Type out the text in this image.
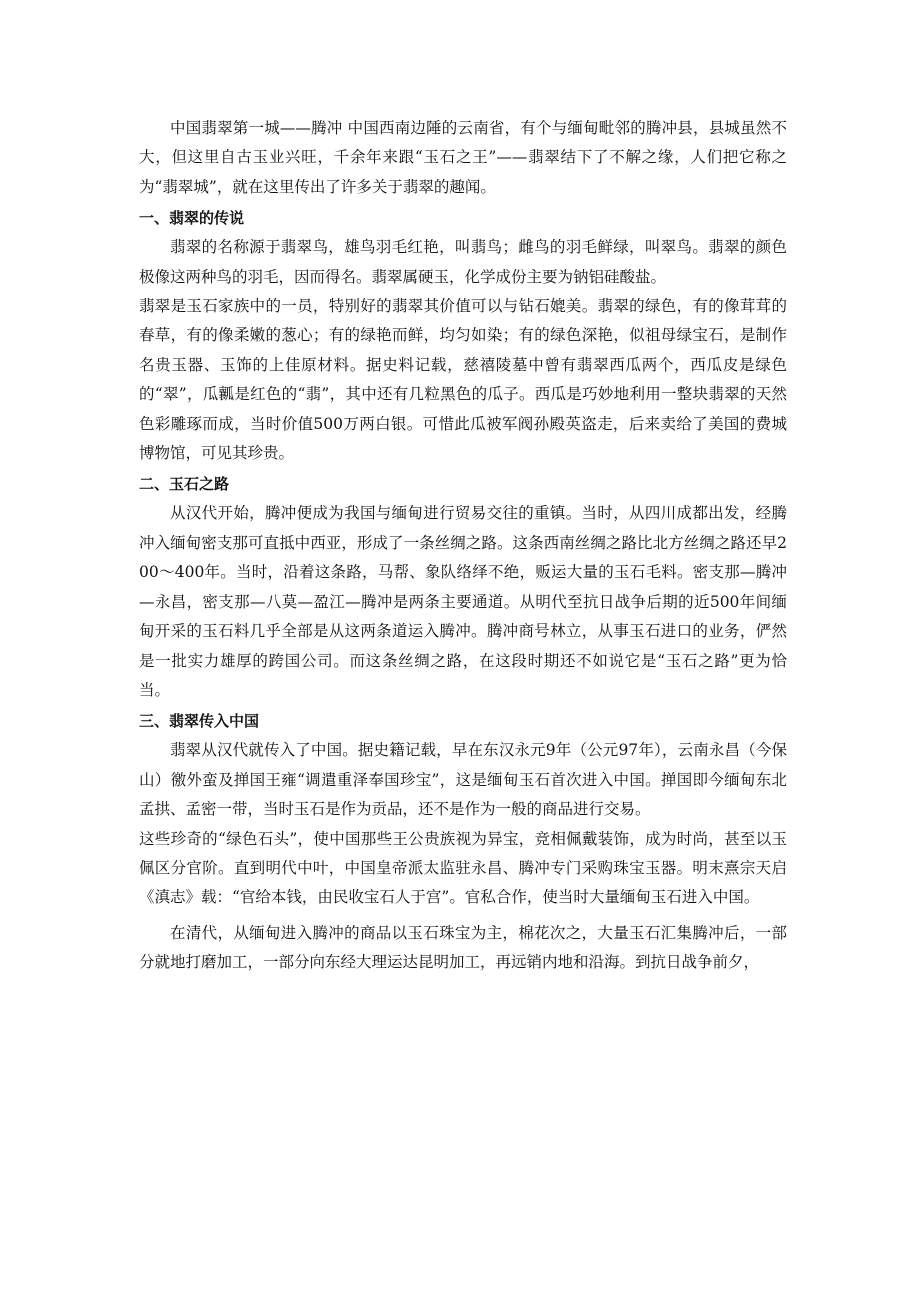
中国翡翠第一城——腾冲 中国西南边陲的云南省，有个与缅甸毗邻的腾冲县，县城虽然不大，但这里自古玉业兴旺，千余年来跟“玉石之王”——翡翠结下了不解之缘，人们把它称之为“翡翠城”，就在这里传出了许多关于翡翠的趣闻。

一、翡翠的传说

翡翠的名称源于翡翠鸟，雄鸟羽毛红艳，叫翡鸟；雌鸟的羽毛鲜绿，叫翠鸟。翡翠的颜色极像这两种鸟的羽毛，因而得名。翡翠属硬玉，化学成份主要为钠铝硅酸盐。

翡翠是玉石家族中的一员，特别好的翡翠其价值可以与钻石媲美。翡翠的绿色，有的像茸茸的春草，有的像柔嫩的葱心；有的绿艳而鲜，均匀如染；有的绿色深艳，似祖母绿宝石，是制作名贵玉器、玉饰的上佳原材料。据史料记载，慈禧陵墓中曾有翡翠西瓜两个，西瓜皮是绿色的“翠”，瓜瓤是红色的“翡”，其中还有几粒黑色的瓜子。西瓜是巧妙地利用一整块翡翠的天然色彩雕琢而成，当时价值500万两白银。可惜此瓜被军阀孙殿英盗走，后来卖给了美国的费城博物馆，可见其珍贵。

二、玉石之路

从汉代开始，腾冲便成为我国与缅甸进行贸易交往的重镇。当时，从四川成都出发，经腾冲入缅甸密支那可直抵中西亚，形成了一条丝绸之路。这条西南丝绸之路比北方丝绸之路还早200～400年。当时，沿着这条路，马帮、象队络绎不绝，贩运大量的玉石毛料。密支那—腾冲—永昌，密支那—八莫—盈江—腾冲是两条主要通道。从明代至抗日战争后期的近500年间缅甸开采的玉石料几乎全部是从这两条道运入腾冲。腾冲商号林立，从事玉石进口的业务，俨然是一批实力雄厚的跨国公司。而这条丝绸之路，在这段时期还不如说它是“玉石之路”更为恰当。

三、翡翠传入中国

翡翠从汉代就传入了中国。据史籍记载，早在东汉永元9年（公元97年），云南永昌（今保山）徼外蛮及掸国王雍“调遣重泽奉国珍宝”，这是缅甸玉石首次进入中国。掸国即今缅甸东北孟拱、孟密一带，当时玉石是作为贡品，还不是作为一般的商品进行交易。

这些珍奇的“绿色石头”，使中国那些王公贵族视为异宝，竞相佩戴装饰，成为时尚，甚至以玉佩区分官阶。直到明代中叶，中国皇帝派太监驻永昌、腾冲专门采购珠宝玉器。明末熹宗天启《滇志》载：“官给本钱，由民收宝石人于宫”。官私合作，使当时大量缅甸玉石进入中国。

在清代，从缅甸进入腾冲的商品以玉石珠宝为主，棉花次之，大量玉石汇集腾冲后，一部分就地打磨加工，一部分向东经大理运达昆明加工，再远销内地和沿海。到抗日战争前夕，
